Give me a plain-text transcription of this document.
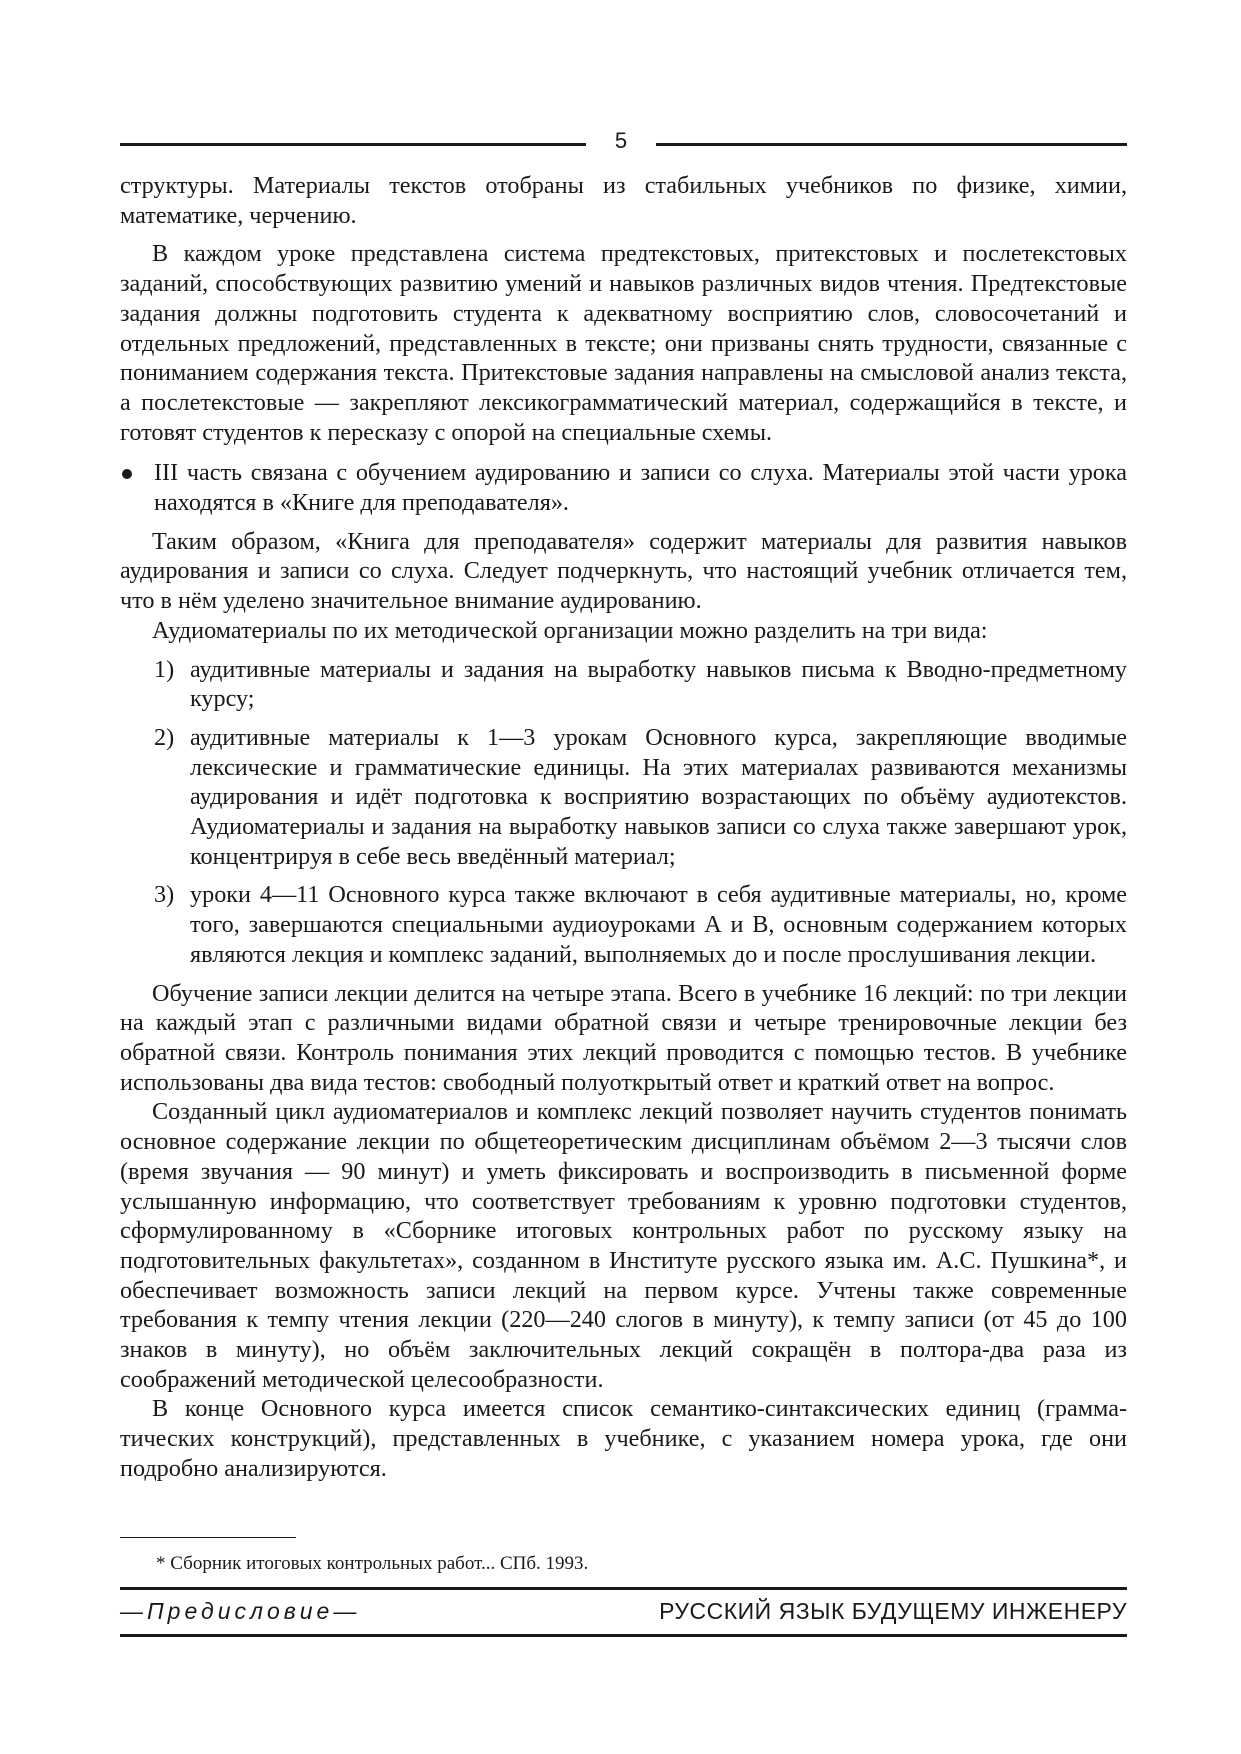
5

структуры. Материалы текстов отобраны из стабильных учебников по физике, химии, математике, черчению.

В каждом уроке представлена система предтекстовых, притекстовых и послетекстовых заданий, способствующих развитию умений и навыков различных видов чтения. Предтекстовые задания должны подготовить студента к адекватному восприятию слов, словосочетаний и отдельных предложений, представленных в тексте; они призваны снять трудности, связанные с пониманием содержания текста. Притекстовые задания направлены на смысловой анализ текста, а послетекстовые — закрепляют лексикограмматический материал, содержащийся в тексте, и готовят студентов к пересказу с опорой на специальные схемы.

III часть связана с обучением аудированию и записи со слуха. Материалы этой части урока находятся в «Книге для преподавателя».

Таким образом, «Книга для преподавателя» содержит материалы для развития навыков аудирования и записи со слуха. Следует подчеркнуть, что настоящий учебник отличается тем, что в нём уделено значительное внимание аудированию.

Аудиоматериалы по их методической организации можно разделить на три вида:

1) аудитивные материалы и задания на выработку навыков письма к Вводно-предметному курсу;
2) аудитивные материалы к 1—3 урокам Основного курса, закрепляющие вводимые лексические и грамматические единицы. На этих материалах развиваются механизмы аудирования и идёт подготовка к восприятию возрастающих по объёму аудиотекстов. Аудиоматериалы и задания на выработку навыков записи со слуха также завершают урок, концентрируя в себе весь введённый материал;
3) уроки 4—11 Основного курса также включают в себя аудитивные материалы, но, кроме того, завершаются специальными аудиоуроками А и В, основным содержанием которых являются лекция и комплекс заданий, выполняемых до и после прослушивания лекции.

Обучение записи лекции делится на четыре этапа. Всего в учебнике 16 лекций: по три лекции на каждый этап с различными видами обратной связи и четыре тренировочные лекции без обратной связи. Контроль понимания этих лекций проводится с помощью тестов. В учебнике использованы два вида тестов: свободный полуоткрытый ответ и краткий ответ на вопрос.

Созданный цикл аудиоматериалов и комплекс лекций позволяет научить студентов понимать основное содержание лекции по общетеоретическим дисциплинам объёмом 2—3 тысячи слов (время звучания — 90 минут) и уметь фиксировать и воспроизводить в письменной форме услышанную информацию, что соответствует требованиям к уровню подготовки студентов, сформулированному в «Сборнике итоговых контрольных работ по русскому языку на подготовительных факультетах», созданном в Институте русского языка им. А.С. Пушкина*, и обеспечивает возможность записи лекций на первом курсе. Учтены также современные требования к темпу чтения лекции (220—240 слогов в минуту), к темпу записи (от 45 до 100 знаков в минуту), но объём заключительных лекций сокращён в полтора-два раза из соображений методической целесообразности.

В конце Основного курса имеется список семантико-синтаксических единиц (грамматических конструкций), представленных в учебнике, с указанием номера урока, где они подробно анализируются.

* Сборник итоговых контрольных работ... СПб. 1993.
—Предисловие—	РУССКИЙ ЯЗЫК БУДУЩЕМУ ИНЖЕНЕРУ
